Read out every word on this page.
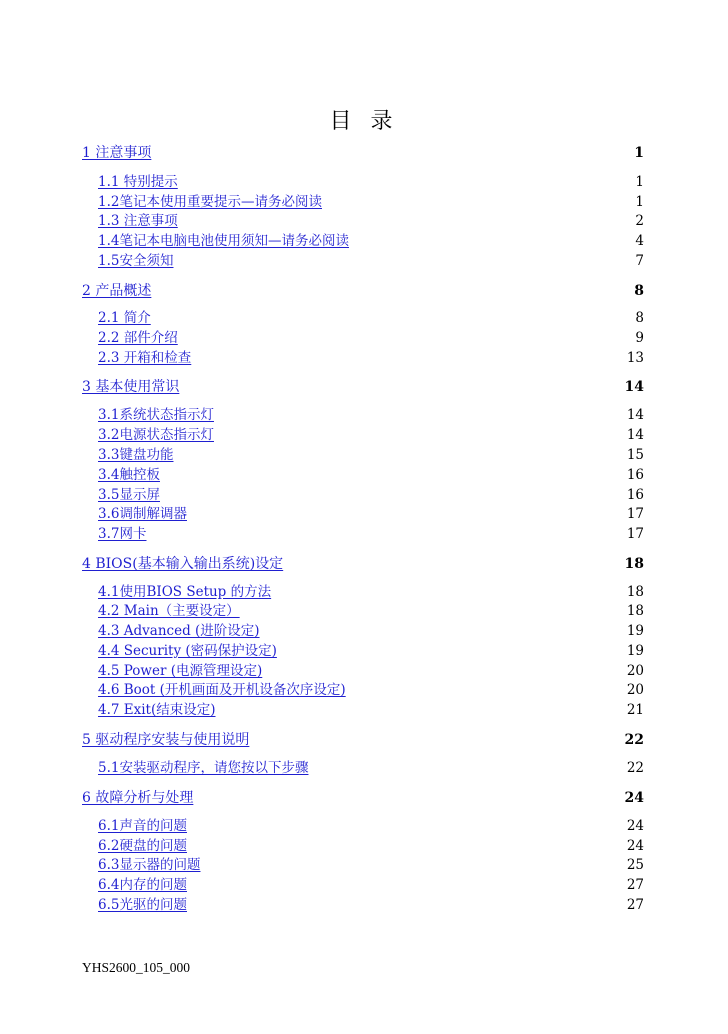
目 录
1 注意事项	1
1.1 特别提示	1
1.2笔记本使用重要提示—请务必阅读	1
1.3 注意事项	2
1.4笔记本电脑电池使用须知—请务必阅读	4
1.5安全须知	7
2 产品概述	8
2.1 简介	8
2.2 部件介绍	9
2.3 开箱和检查	13
3 基本使用常识	14
3.1系统状态指示灯	14
3.2电源状态指示灯	14
3.3键盘功能	15
3.4触控板	16
3.5显示屏	16
3.6调制解调器	17
3.7网卡	17
4 BIOS(基本输入输出系统)设定	18
4.1使用BIOS Setup 的方法	18
4.2 Main（主要设定）	18
4.3 Advanced (进阶设定)	19
4.4 Security (密码保护设定)	19
4.5 Power (电源管理设定)	20
4.6 Boot (开机画面及开机设备次序设定)	20
4.7 Exit(结束设定)	21
5 驱动程序安装与使用说明	22
5.1安装驱动程序，请您按以下步骤	22
6 故障分析与处理	24
6.1声音的问题	24
6.2硬盘的问题	24
6.3显示器的问题	25
6.4内存的问题	27
6.5光驱的问题	27
YHS2600_105_000
